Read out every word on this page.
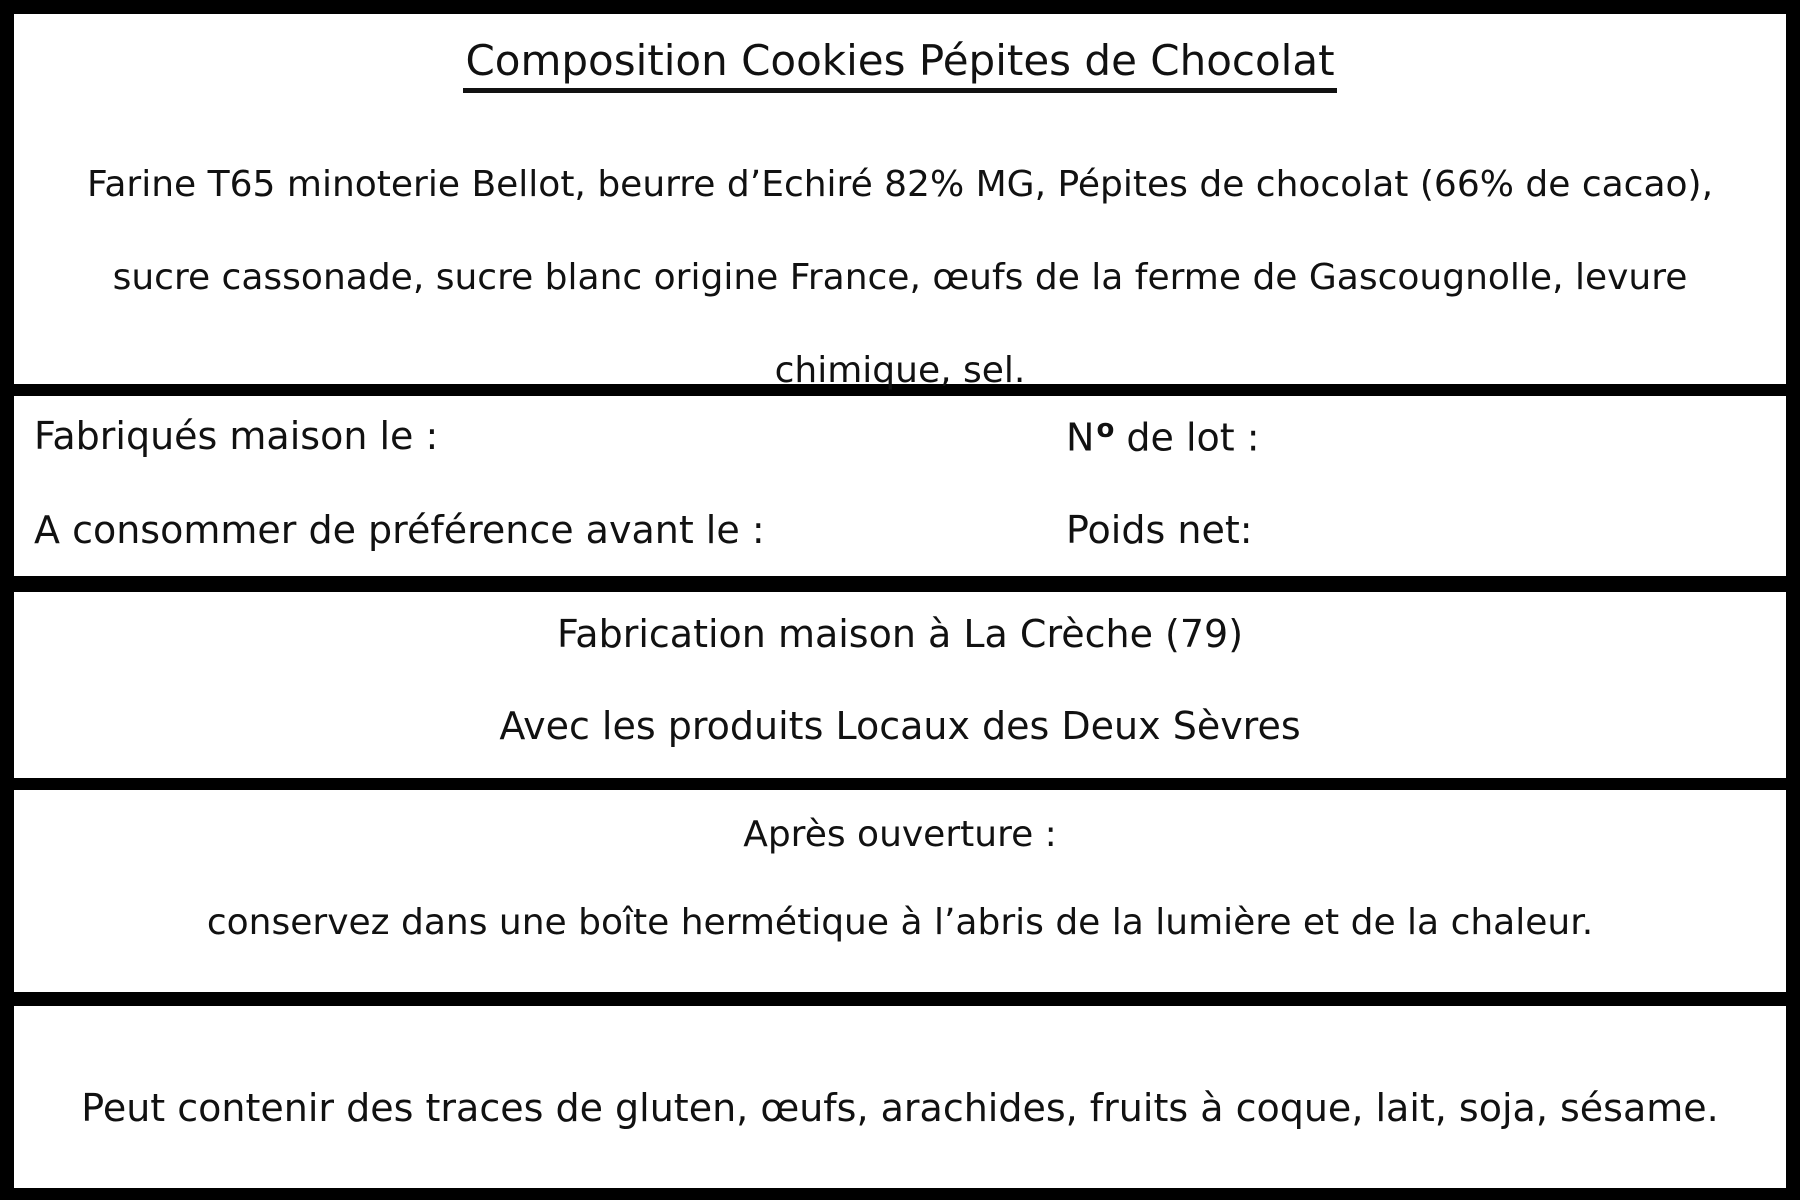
Composition Cookies Pépites de Chocolat
Farine T65 minoterie Bellot, beurre d’Echiré 82% MG, Pépites de chocolat (66% de cacao), sucre cassonade, sucre blanc origine France, œufs de la ferme de Gascougnolle, levure chimique, sel.
Fabriqués maison le :
A consommer de préférence avant le :
$N^o$ de lot :
Poids net:
Fabrication maison à La Crèche (79)
Avec les produits Locaux des Deux Sèvres
Après ouverture :
conservez dans une boîte hermétique à l’abris de la lumière et de la chaleur.
Peut contenir des traces de gluten, œufs, arachides, fruits à coque, lait, soja, sésame.
